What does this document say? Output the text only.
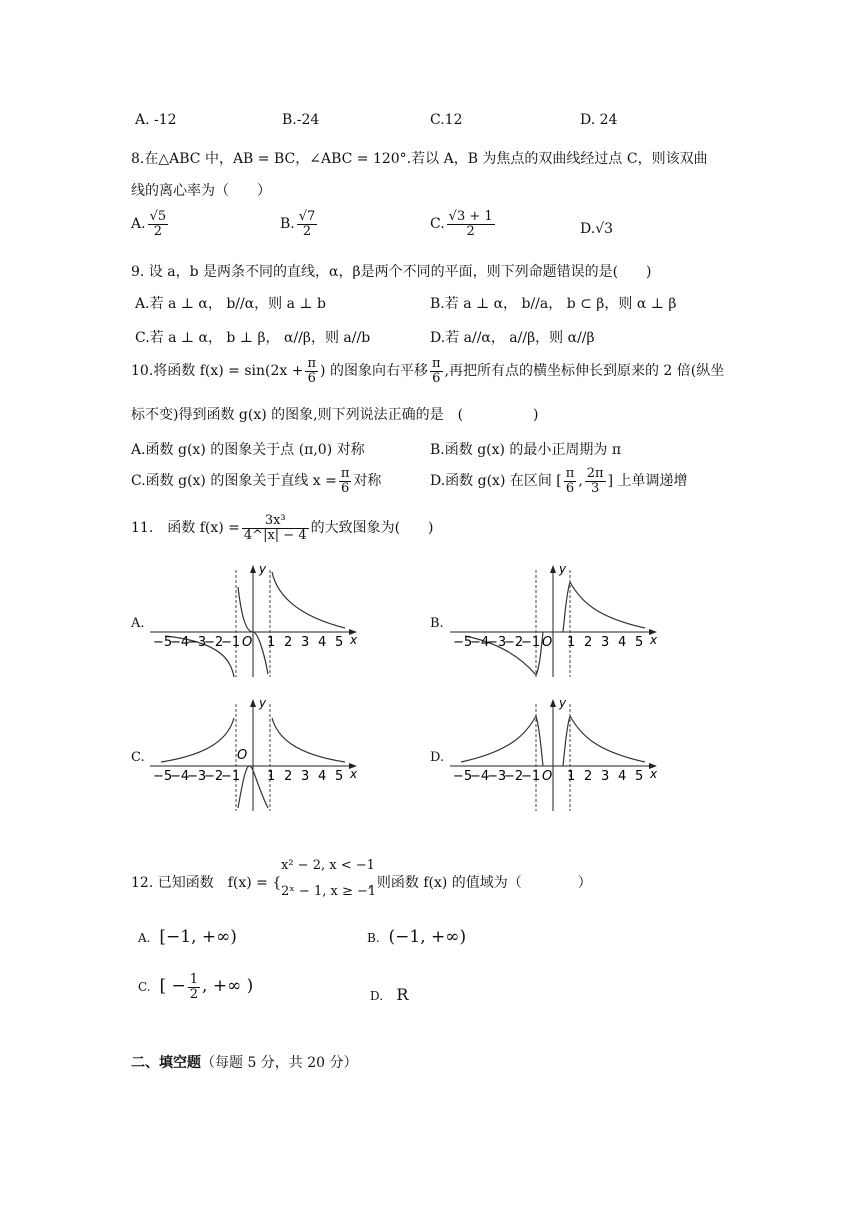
A. -12	B.-24	C.12	D. 24
8.在△ABC 中，AB = BC，∠ABC = 120°.若以 A，B 为焦点的双曲线经过点 C，则该双曲
线的离心率为（　　）
A. $\frac{√5}{2}$	B. $\frac{√7}{2}$	C. $\frac{√3 + 1}{2}$	D.√3
9. 设 a，b 是两条不同的直线，α，β是两个不同的平面，则下列命题错误的是(　　)
A.若 a ⊥ α， b//α，则 a ⊥ b	B.若 a ⊥ α， b//a， b ⊂ β，则 α ⊥ β
C.若 a ⊥ α， b ⊥ β， α//β，则 a//b	D.若 a//α， a//β，则 α//β
10.将函数 $f(x) = \sin(2x + \frac{\pi}{6}$ ) 的图象向右平移 $\frac{\pi}{6}$ ,再把所有点的横坐标伸长到原来的 2 倍(纵坐
标不变)得到函数 g(x) 的图象,则下列说法正确的是　(　　　　　)
A.函数 g(x) 的图象关于点 (π,0) 对称	B.函数 g(x) 的最小正周期为 π
C.函数 g(x) 的图象关于直线 $x = \frac{\pi}{6}$ 对称	D.函数 g(x) 在区间 [ $\frac{\pi}{6}$ , $\frac{2\pi}{3}$ ] 上单调递增
11.　函数 $f(x) = \frac{\text{3x³}}{4\^{}|x| - 4}$ 的大致图象为(　　)
A.
y
x
O
−5
−4
−3
−2
−1 1 2 3 4 5
B.
y
x
O
−5
−4
−3
−2
−1 1 2 3 4 5
C.
y
x
O
−5
−4
−3
−2
−1 1 2 3 4 5
D.
y
x
O
−5
−4
−3
−2
−1 1 2 3 4 5
12. 已知函数　f(x) = {
x² − 2, x < −1
2ˣ − 1, x ≥ −1
, 则函数 f(x) 的值域为（　　　　）
A. [−1, +∞)	B. (−1, +∞)
C. [ − $\frac{1}{2}$ , +∞ )	D. R
二、填空题（每题 5 分，共 20 分）
